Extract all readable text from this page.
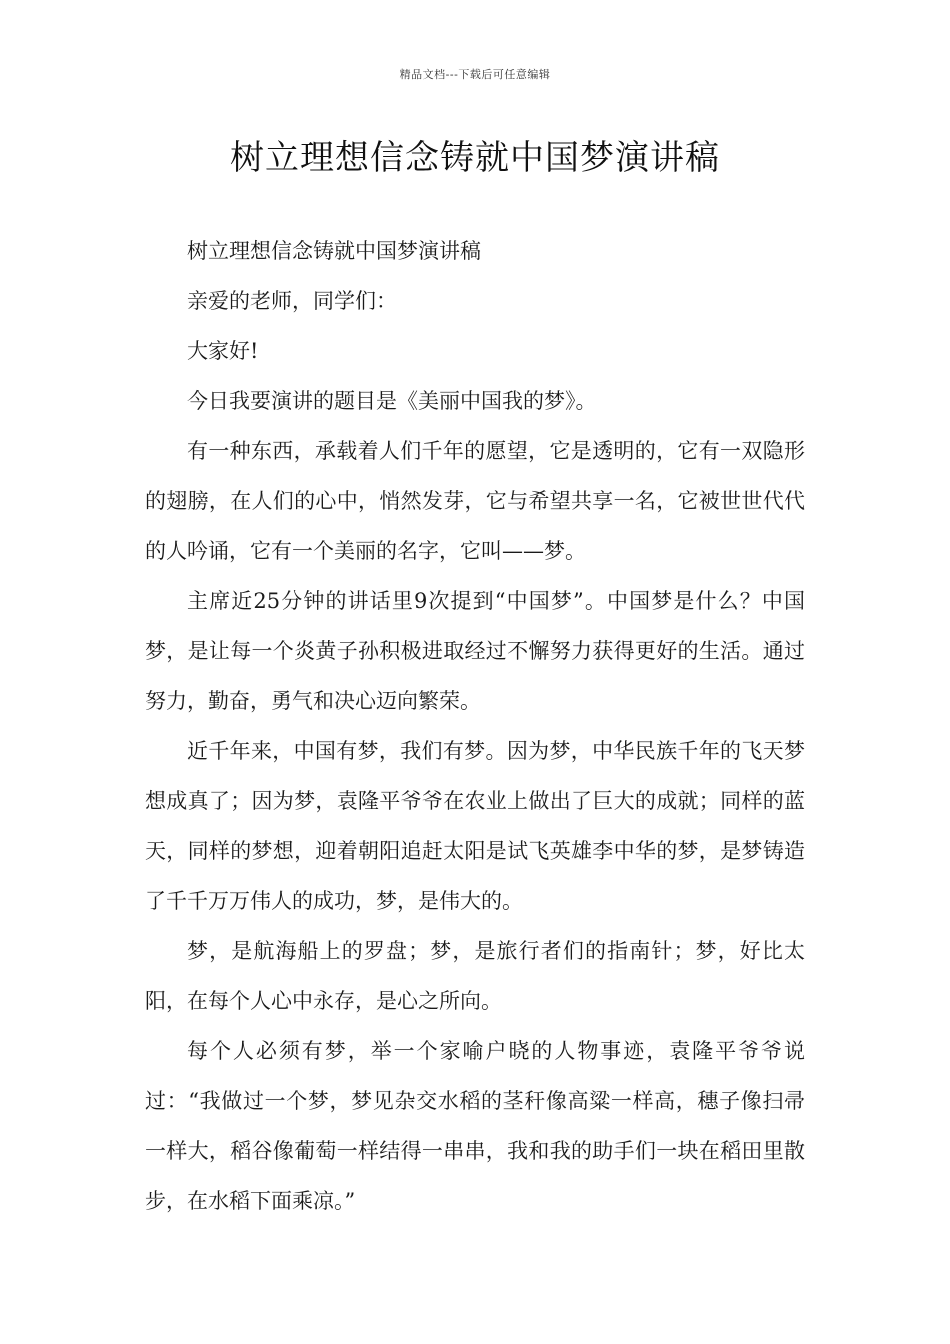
精品文档---下载后可任意编辑
树立理想信念铸就中国梦演讲稿

树立理想信念铸就中国梦演讲稿

亲爱的老师，同学们：

大家好!

今日我要演讲的题目是《美丽中国我的梦》。

有一种东西，承载着人们千年的愿望，它是透明的，它有一双隐形的翅膀，在人们的心中，悄然发芽，它与希望共享一名，它被世世代代的人吟诵，它有一个美丽的名字，它叫——梦。

主席近25分钟的讲话里9次提到“中国梦”。中国梦是什么？中国梦，是让每一个炎黄子孙积极进取经过不懈努力获得更好的生活。通过努力，勤奋，勇气和决心迈向繁荣。

近千年来，中国有梦，我们有梦。因为梦，中华民族千年的飞天梦想成真了；因为梦，袁隆平爷爷在农业上做出了巨大的成就；同样的蓝天，同样的梦想，迎着朝阳追赶太阳是试飞英雄李中华的梦，是梦铸造了千千万万伟人的成功，梦，是伟大的。

梦，是航海船上的罗盘；梦，是旅行者们的指南针；梦，好比太阳，在每个人心中永存，是心之所向。

每个人必须有梦，举一个家喻户晓的人物事迹，袁隆平爷爷说过：“我做过一个梦，梦见杂交水稻的茎秆像高粱一样高，穗子像扫帚一样大，稻谷像葡萄一样结得一串串，我和我的助手们一块在稻田里散步，在水稻下面乘凉。”
